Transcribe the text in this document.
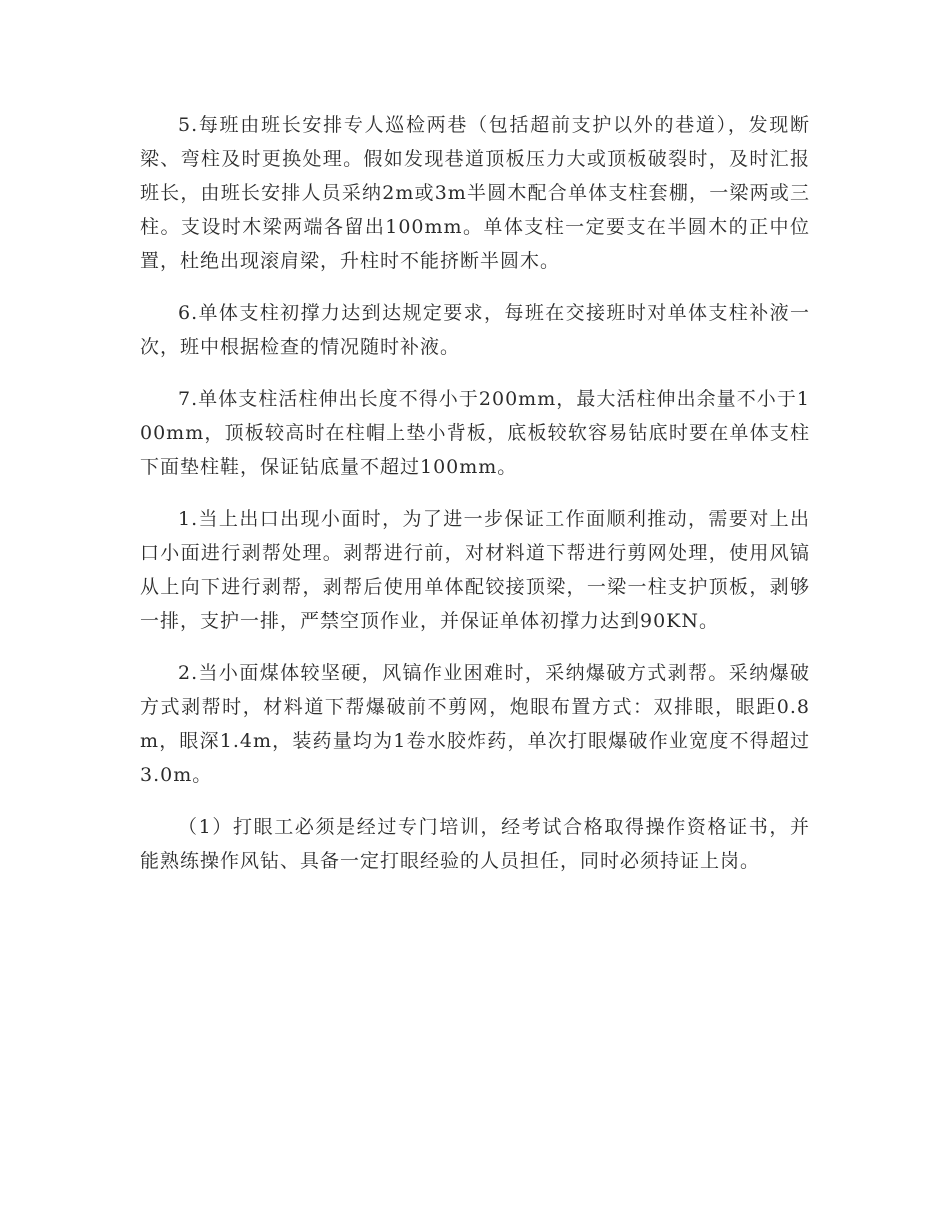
5.每班由班长安排专人巡检两巷（包括超前支护以外的巷道），发现断梁、弯柱及时更换处理。假如发现巷道顶板压力大或顶板破裂时，及时汇报班长，由班长安排人员采纳2m或3m半圆木配合单体支柱套棚，一梁两或三柱。支设时木梁两端各留出100mm。单体支柱一定要支在半圆木的正中位置，杜绝出现滚肩梁，升柱时不能挤断半圆木。

6.单体支柱初撑力达到达规定要求，每班在交接班时对单体支柱补液一次，班中根据检查的情况随时补液。

7.单体支柱活柱伸出长度不得小于200mm，最大活柱伸出余量不小于100mm，顶板较高时在柱帽上垫小背板，底板较软容易钻底时要在单体支柱下面垫柱鞋，保证钻底量不超过100mm。

1.当上出口出现小面时，为了进一步保证工作面顺利推动，需要对上出口小面进行剥帮处理。剥帮进行前，对材料道下帮进行剪网处理，使用风镐从上向下进行剥帮，剥帮后使用单体配铰接顶梁，一梁一柱支护顶板，剥够一排，支护一排，严禁空顶作业，并保证单体初撑力达到90KN。

2.当小面煤体较坚硬，风镐作业困难时，采纳爆破方式剥帮。采纳爆破方式剥帮时，材料道下帮爆破前不剪网，炮眼布置方式：双排眼，眼距0.8m，眼深1.4m，装药量均为1卷水胶炸药，单次打眼爆破作业宽度不得超过3.0m。

（1）打眼工必须是经过专门培训，经考试合格取得操作资格证书，并能熟练操作风钻、具备一定打眼经验的人员担任，同时必须持证上岗。
